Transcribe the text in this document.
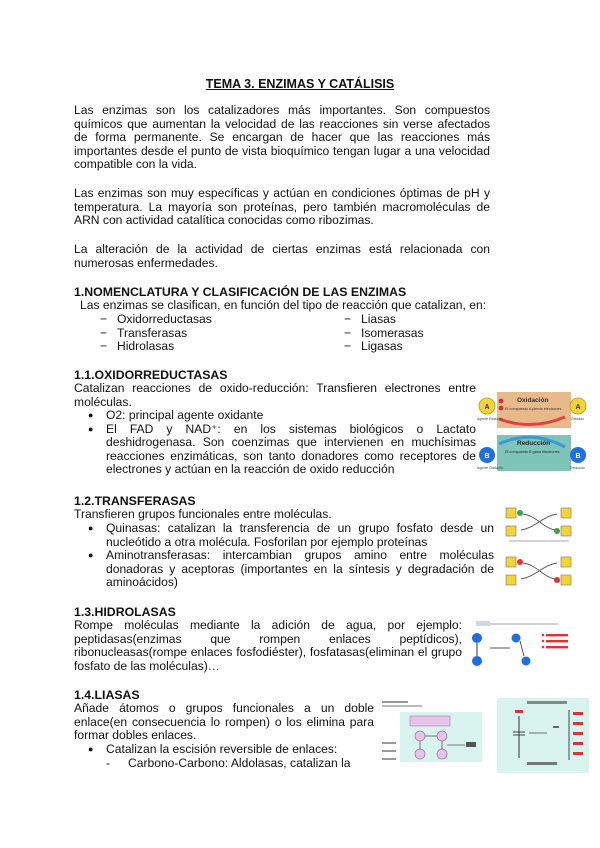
TEMA 3. ENZIMAS Y CATÁLISIS

Las enzimas son los catalizadores más importantes. Son compuestos químicos que aumentan la velocidad de las reacciones sin verse afectados de forma permanente. Se encargan de hacer que las reacciones más importantes desde el punto de vista bioquímico tengan lugar a una velocidad compatible con la vida.

Las enzimas son muy específicas y actúan en condiciones óptimas de pH y temperatura. La mayoría son proteínas, pero también macromoléculas de ARN con actividad catalítica conocidas como ribozimas.

La alteración de la actividad de ciertas enzimas está relacionada con numerosas enfermedades.

1.NOMENCLATURA Y CLASIFICACIÓN DE LAS ENZIMAS
Las enzimas se clasifican, en función del tipo de reacción que catalizan, en:
− Oxidorreductasas
− Transferasas
− Hidrolasas
− Liasas
− Isomerasas
− Ligasas
1.1.OXIDORREDUCTASAS

Catalizan reacciones de oxido-reducción: Transfieren electrones entre moléculas.

● O2: principal agente oxidante
● El FAD y NAD⁺: en los sistemas biológicos o Lactato deshidrogenasa. Son coenzimas que intervienen en muchísimas reacciones enzimáticas, son tanto donadores como receptores de electrones y actúan en la reacción de oxido reducción
Oxidación
El compuesto A pierde electrones
Reducción
El compuesto B gana electrones
A	A
B	B
Agente Reductor	Oxidado
Agente Oxidante	Reducido
1.2.TRANSFERASAS

Transfieren grupos funcionales entre moléculas.

● Quinasas: catalizan la transferencia de un grupo fosfato desde un nucleótido a otra molécula. Fosforilan por ejemplo proteínas
● Aminotransferasas: intercambian grupos amino entre moléculas donadoras y aceptoras (importantes en la síntesis y degradación de aminoácidos)
1.3.HIDROLASAS

Rompe moléculas mediante la adición de agua, por ejemplo: peptidasas(enzimas que rompen enlaces peptídicos), ribonucleasas(rompe enlaces fosfodiéster), fosfatasas(eliminan el grupo fosfato de las moléculas)…

1.4.LIASAS

Añade átomos o grupos funcionales a un doble enlace(en consecuencia lo rompen) o los elimina para formar dobles enlaces.

● Catalizan la escisión reversible de enlaces:
- Carbono-Carbono: Aldolasas, catalizan la
